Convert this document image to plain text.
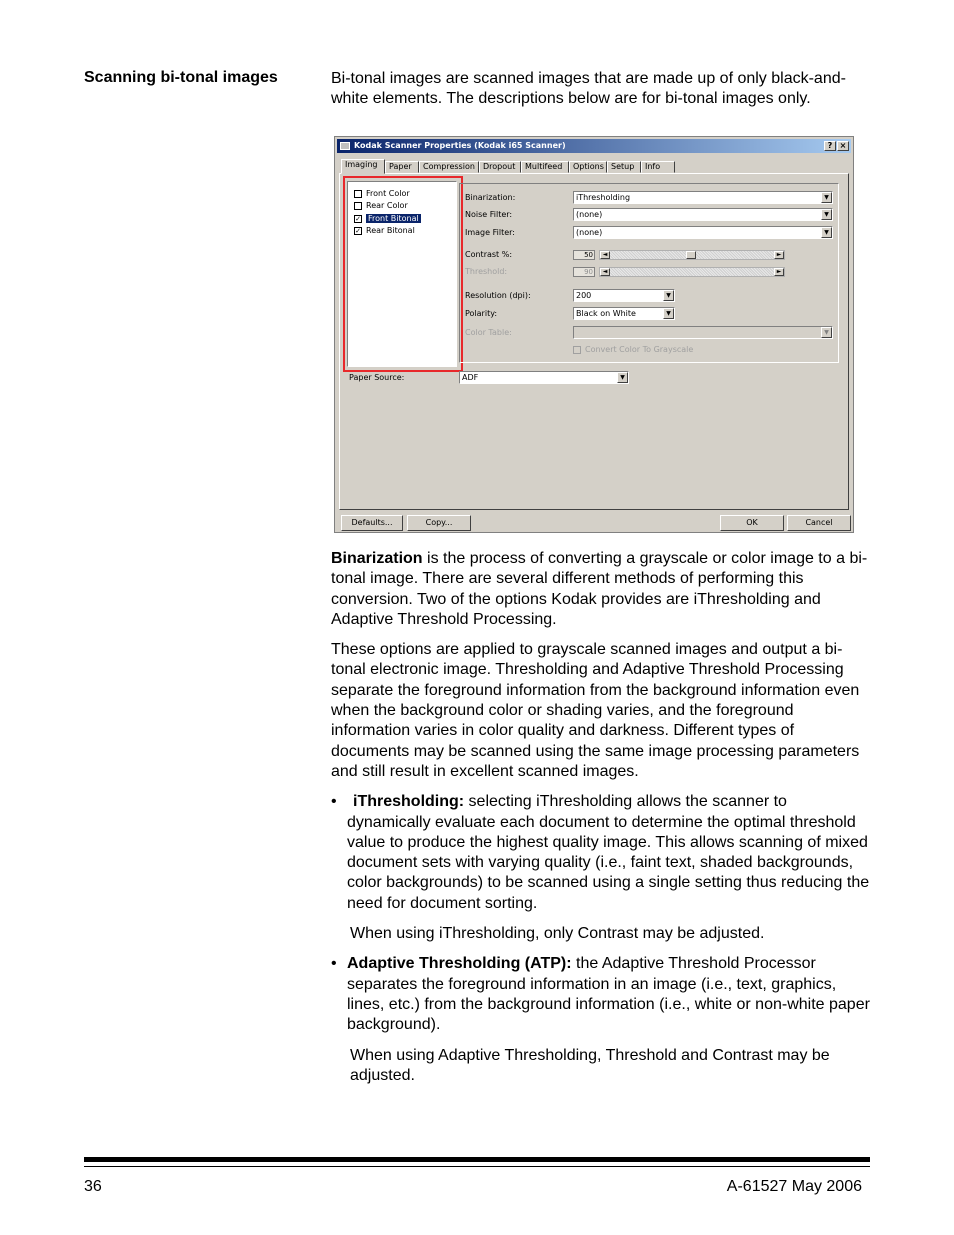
Scanning bi-tonal images	Bi-tonal images are scanned images that are made up of only black-and-white elements. The descriptions below are for bi-tonal images only.

Kodak Scanner Properties (Kodak i65 Scanner)	? ×
Imaging	Paper	Compression	Dropout	Multifeed	Options Setup	Info
Front Color
Rear Color
✓ Front Bitonal
✓ Rear Bitonal
Binarization:	iThresholding	▼
Noise Filter:	(none)	▼
Image Filter:	(none)	▼
Contrast %:	50	◄	►
Threshold:	90	◄	►
Resolution (dpi):	200	▼
Polarity:	Black on White	▼
Color Table:	▼
Convert Color To Grayscale
Paper Source:	ADF	▼
Defaults...	Copy...	OK	Cancel

Binarization is the process of converting a grayscale or color image to a bi-tonal image. There are several different methods of performing this conversion. Two of the options Kodak provides are iThresholding and Adaptive Threshold Processing.

These options are applied to grayscale scanned images and output a bi-tonal electronic image. Thresholding and Adaptive Threshold Processing separate the foreground information from the background information even when the background color or shading varies, and the foreground information varies in color quality and darkness. Different types of documents may be scanned using the same image processing parameters and still result in excellent scanned images.

•	iThresholding: selecting iThresholding allows the scanner to dynamically evaluate each document to determine the optimal threshold value to produce the highest quality image. This allows scanning of mixed document sets with varying quality (i.e., faint text, shaded backgrounds, color backgrounds) to be scanned using a single setting thus reducing the need for document sorting.

When using iThresholding, only Contrast may be adjusted.

• Adaptive Thresholding (ATP): the Adaptive Threshold Processor separates the foreground information in an image (i.e., text, graphics, lines, etc.) from the background information (i.e., white or non-white paper background).

When using Adaptive Thresholding, Threshold and Contrast may be adjusted.

36	A-61527 May 2006
